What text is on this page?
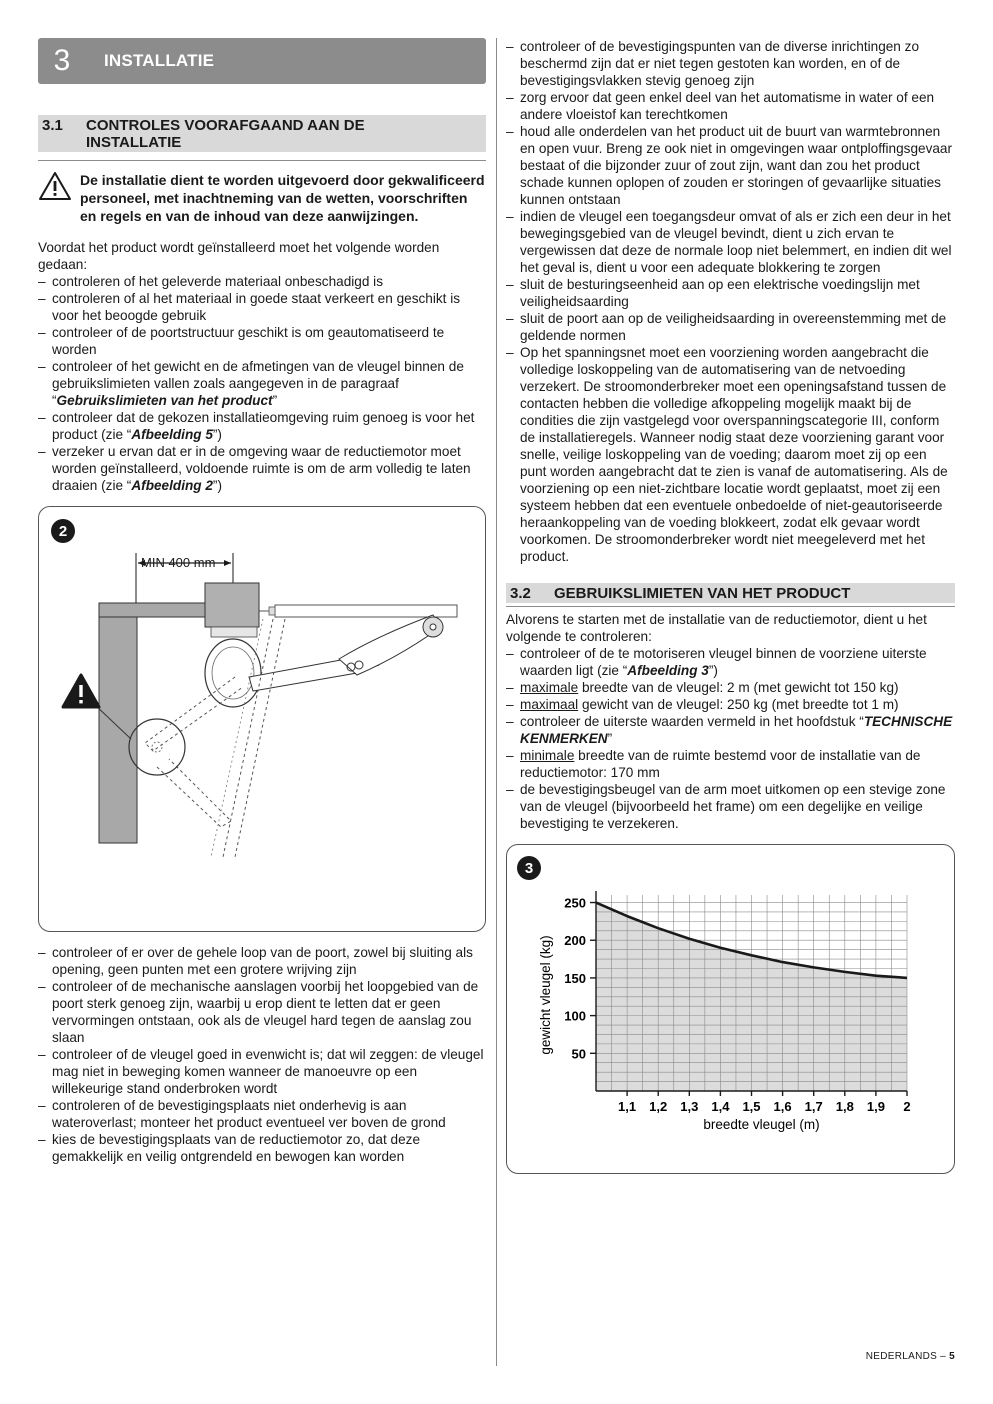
3	INSTALLATIE
3.1	CONTROLES VOORAFGAAND AAN DE INSTALLATIE
De installatie dient te worden uitgevoerd door gekwalificeerd personeel, met inachtneming van de wetten, voorschriften en regels en van de inhoud van deze aanwijzingen.

Voordat het product wordt geïnstalleerd moet het volgende worden gedaan:

– controleren of het geleverde materiaal onbeschadigd is
– controleren of al het materiaal in goede staat verkeert en geschikt is voor het beoogde gebruik
– controleer of de poortstructuur geschikt is om geautomatiseerd te worden
– controleer of het gewicht en de afmetingen van de vleugel binnen de gebruikslimieten vallen zoals aangegeven in de paragraaf “Gebruikslimieten van het product”
– controleer dat de gekozen installatieomgeving ruim genoeg is voor het product (zie “Afbeelding 5”)
– verzeker u ervan dat er in de omgeving waar de reductiemotor moet worden geïnstalleerd, voldoende ruimte is om de arm volledig te laten draaien (zie “Afbeelding 2”)
2
MIN 400 mm
– controleer of er over de gehele loop van de poort, zowel bij sluiting als opening, geen punten met een grotere wrijving zijn
– controleer of de mechanische aanslagen voorbij het loopgebied van de poort sterk genoeg zijn, waarbij u erop dient te letten dat er geen vervormingen ontstaan, ook als de vleugel hard tegen de aanslag zou slaan
– controleer of de vleugel goed in evenwicht is; dat wil zeggen: de vleugel mag niet in beweging komen wanneer de manoeuvre op een willekeurige stand onderbroken wordt
– controleren of de bevestigingsplaats niet onderhevig is aan wateroverlast; monteer het product eventueel ver boven de grond
– kies de bevestigingsplaats van de reductiemotor zo, dat deze gemakkelijk en veilig ontgrendeld en bewogen kan worden
– controleer of de bevestigingspunten van de diverse inrichtingen zo beschermd zijn dat er niet tegen gestoten kan worden, en of de bevestigingsvlakken stevig genoeg zijn
– zorg ervoor dat geen enkel deel van het automatisme in water of een andere vloeistof kan terechtkomen
– houd alle onderdelen van het product uit de buurt van warmtebronnen en open vuur. Breng ze ook niet in omgevingen waar ontploffingsgevaar bestaat of die bijzonder zuur of zout zijn, want dan zou het product schade kunnen oplopen of zouden er storingen of gevaarlijke situaties kunnen ontstaan
– indien de vleugel een toegangsdeur omvat of als er zich een deur in het bewegingsgebied van de vleugel bevindt, dient u zich ervan te vergewissen dat deze de normale loop niet belemmert, en indien dit wel het geval is, dient u voor een adequate blokkering te zorgen
– sluit de besturingseenheid aan op een elektrische voedingslijn met veiligheidsaarding
– sluit de poort aan op de veiligheidsaarding in overeenstemming met de geldende normen
– Op het spanningsnet moet een voorziening worden aangebracht die volledige loskoppeling van de automatisering van de netvoeding verzekert. De stroomonderbreker moet een openingsafstand tussen de contacten hebben die volledige afkoppeling mogelijk maakt bij de condities die zijn vastgelegd voor overspanningscategorie III, conform de installatieregels. Wanneer nodig staat deze voorziening garant voor snelle, veilige loskoppeling van de voeding; daarom moet zij op een punt worden aangebracht dat te zien is vanaf de automatisering. Als de voorziening op een niet-zichtbare locatie wordt geplaatst, moet zij een systeem hebben dat een eventuele onbedoelde of niet-geautoriseerde heraankoppeling van de voeding blokkeert, zodat elk gevaar wordt voorkomen. De stroomonderbreker wordt niet meegeleverd met het product.
3.2	GEBRUIKSLIMIETEN VAN HET PRODUCT

Alvorens te starten met de installatie van de reductiemotor, dient u het volgende te controleren:

– controleer of de te motoriseren vleugel binnen de voorziene uiterste waarden ligt (zie “Afbeelding 3”)
– maximale breedte van de vleugel: 2 m (met gewicht tot 150 kg)
– maximaal gewicht van de vleugel: 250 kg (met breedte tot 1 m)
– controleer de uiterste waarden vermeld in het hoofdstuk “TECHNISCHE KENMERKEN”
– minimale breedte van de ruimte bestemd voor de installatie van de reductiemotor: 170 mm
– de bevestigingsbeugel van de arm moet uitkomen op een stevige zone van de vleugel (bijvoorbeeld het frame) om een degelijke en veilige bevestiging te verzekeren.
3
50
100
150
200
250
1,1 1,2 1,3 1,4 1,5 1,6 1,7 1,8 1,9 2
breedte vleugel (m)
gewicht vleugel (kg)
NEDERLANDS – 5
